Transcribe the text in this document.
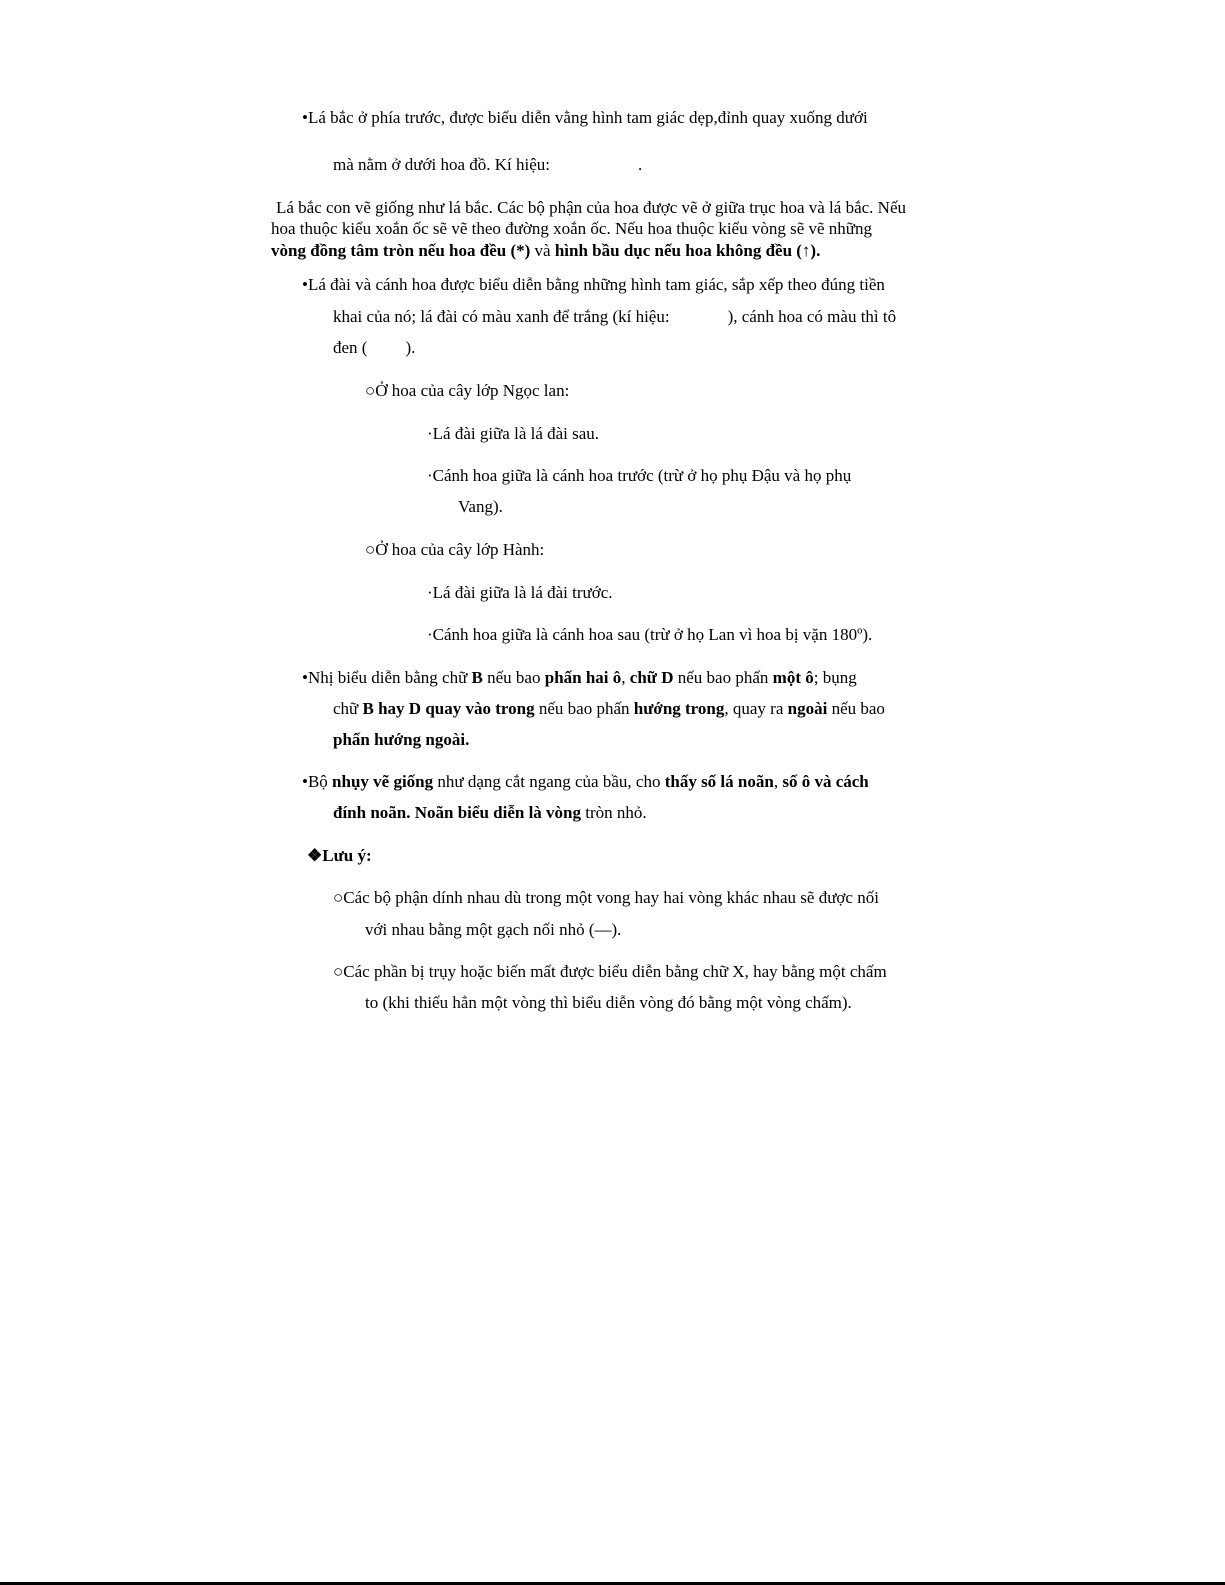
•Lá bắc ở phía trước, được biểu diễn vằng hình tam giác dẹp,đỉnh quay xuống dưới
mà nằm ở dưới hoa đồ. Kí hiệu:	.
Lá bắc con vẽ giống như lá bắc. Các bộ phận của hoa được vẽ ở giữa trục hoa và lá bắc. Nếu
hoa thuộc kiểu xoắn ốc sẽ vẽ theo đường xoắn ốc. Nếu hoa thuộc kiểu vòng sẽ vẽ những
vòng đồng tâm tròn nếu hoa đều (*) và hình bầu dục nếu hoa không đều (↑).
•Lá đài và cánh hoa được biểu diễn bằng những hình tam giác, sắp xếp theo đúng tiền
khai của nó; lá đài có màu xanh để trắng (kí hiệu:	), cánh hoa có màu thì tô
đen ( ).
○Ở hoa của cây lớp Ngọc lan:
·Lá đài giữa là lá đài sau.
·Cánh hoa giữa là cánh hoa trước (trừ ở họ phụ Đậu và họ phụ
Vang).
○Ở hoa của cây lớp Hành:
·Lá đài giữa là lá đài trước.
·Cánh hoa giữa là cánh hoa sau (trừ ở họ Lan vì hoa bị vặn 180º).
•Nhị biểu diễn bằng chữ B nếu bao phấn hai ô, chữ D nếu bao phấn một ô; bụng
chữ B hay D quay vào trong nếu bao phấn hướng trong, quay ra ngoài nếu bao
phấn hướng ngoài.
•Bộ nhụy vẽ giống như dạng cắt ngang của bầu, cho thấy số lá noãn, số ô và cách
đính noãn. Noãn biểu diễn là vòng tròn nhỏ.
❖Lưu ý:
○Các bộ phận dính nhau dù trong một vong hay hai vòng khác nhau sẽ được nối
với nhau bằng một gạch nối nhỏ (—).
○Các phần bị trụy hoặc biến mất được biểu diễn bằng chữ X, hay bằng một chấm
to (khi thiếu hẳn một vòng thì biểu diễn vòng đó bằng một vòng chấm).
